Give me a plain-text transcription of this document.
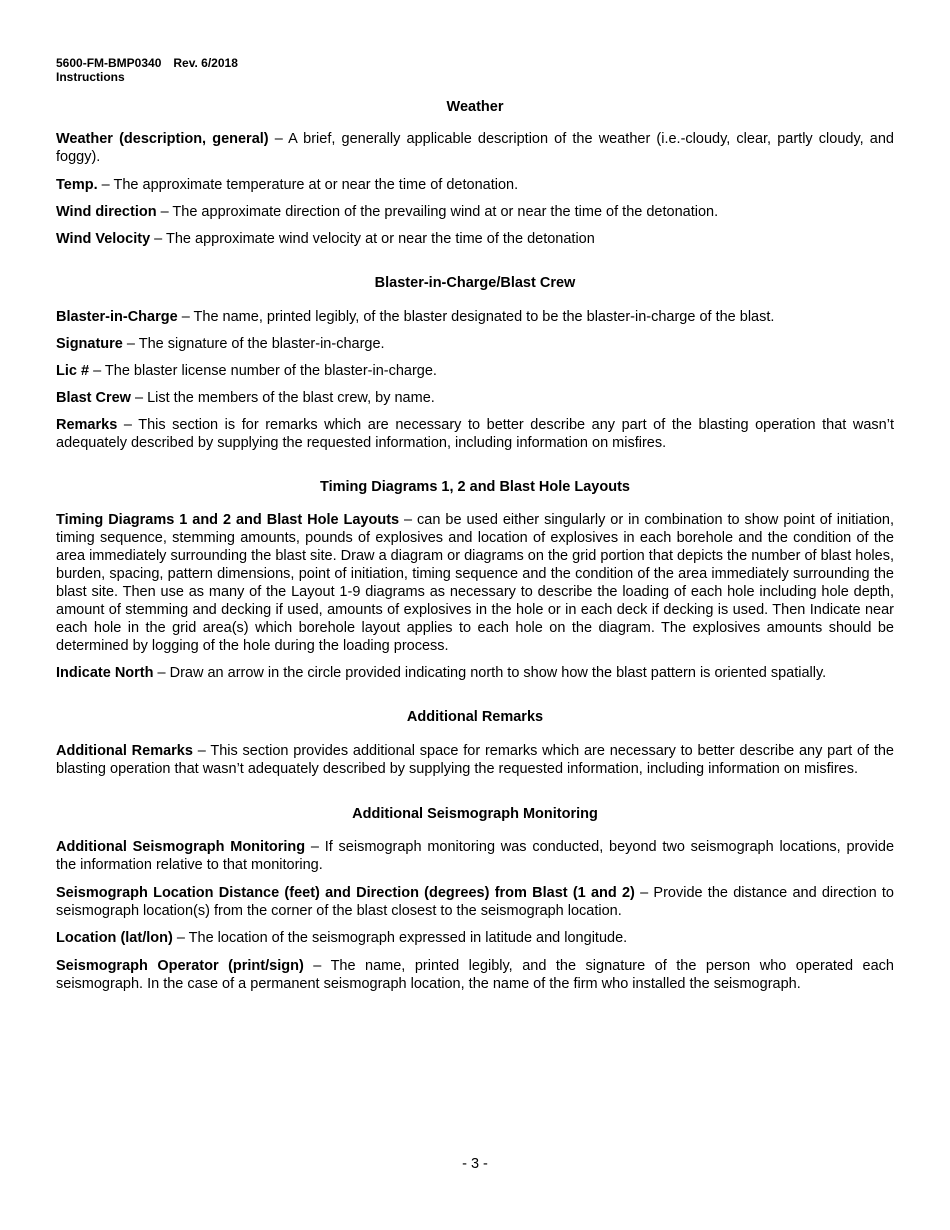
5600-FM-BMP0340 Rev. 6/2018
Instructions
Weather

Weather (description, general) – A brief, generally applicable description of the weather (i.e.-cloudy, clear, partly cloudy, and foggy).

Temp. – The approximate temperature at or near the time of detonation.

Wind direction – The approximate direction of the prevailing wind at or near the time of the detonation.

Wind Velocity – The approximate wind velocity at or near the time of the detonation

Blaster-in-Charge/Blast Crew

Blaster-in-Charge – The name, printed legibly, of the blaster designated to be the blaster-in-charge of the blast.

Signature – The signature of the blaster-in-charge.

Lic # – The blaster license number of the blaster-in-charge.

Blast Crew – List the members of the blast crew, by name.

Remarks – This section is for remarks which are necessary to better describe any part of the blasting operation that wasn’t adequately described by supplying the requested information, including information on misfires.

Timing Diagrams 1, 2 and Blast Hole Layouts

Timing Diagrams 1 and 2 and Blast Hole Layouts – can be used either singularly or in combination to show point of initiation, timing sequence, stemming amounts, pounds of explosives and location of explosives in each borehole and the condition of the area immediately surrounding the blast site. Draw a diagram or diagrams on the grid portion that depicts the number of blast holes, burden, spacing, pattern dimensions, point of initiation, timing sequence and the condition of the area immediately surrounding the blast site. Then use as many of the Layout 1-9 diagrams as necessary to describe the loading of each hole including hole depth, amount of stemming and decking if used, amounts of explosives in the hole or in each deck if decking is used. Then Indicate near each hole in the grid area(s) which borehole layout applies to each hole on the diagram. The explosives amounts should be determined by logging of the hole during the loading process.

Indicate North – Draw an arrow in the circle provided indicating north to show how the blast pattern is oriented spatially.

Additional Remarks

Additional Remarks – This section provides additional space for remarks which are necessary to better describe any part of the blasting operation that wasn’t adequately described by supplying the requested information, including information on misfires.

Additional Seismograph Monitoring

Additional Seismograph Monitoring – If seismograph monitoring was conducted, beyond two seismograph locations, provide the information relative to that monitoring.

Seismograph Location Distance (feet) and Direction (degrees) from Blast (1 and 2) – Provide the distance and direction to seismograph location(s) from the corner of the blast closest to the seismograph location.

Location (lat/lon) – The location of the seismograph expressed in latitude and longitude.

Seismograph Operator (print/sign) – The name, printed legibly, and the signature of the person who operated each seismograph. In the case of a permanent seismograph location, the name of the firm who installed the seismograph.

- 3 -
